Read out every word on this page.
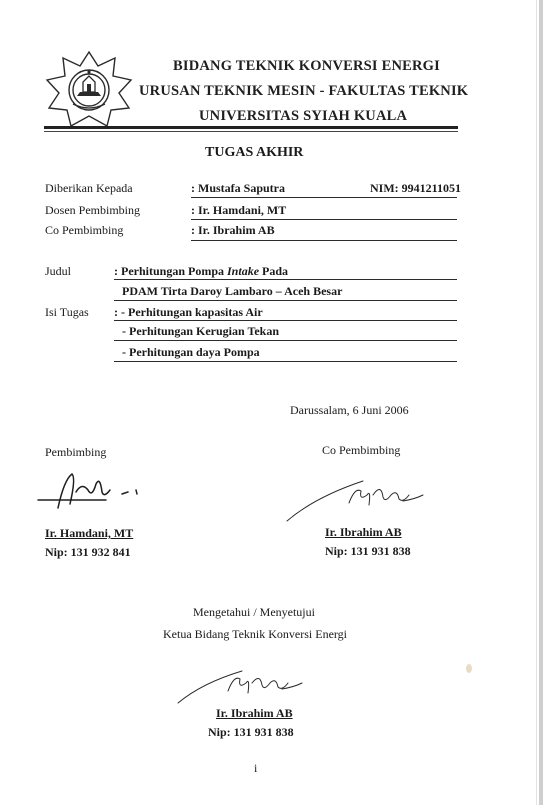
BIDANG TEKNIK KONVERSI ENERGI
URUSAN TEKNIK MESIN - FAKULTAS TEKNIK
UNIVERSITAS SYIAH KUALA
TUGAS AKHIR
Diberikan Kepada	: Mustafa Saputra	NIM: 9941211051
Dosen Pembimbing	: Ir. Hamdani, MT
Co Pembimbing	: Ir. Ibrahim AB
Judul	: Perhitungan Pompa Intake Pada
PDAM Tirta Daroy Lambaro – Aceh Besar
Isi Tugas : - Perhitungan kapasitas Air
- Perhitungan Kerugian Tekan
- Perhitungan daya Pompa
Darussalam, 6 Juni 2006
Pembimbing	Co Pembimbing
Ir. Hamdani, MT
Nip: 131 932 841
Ir. Ibrahim AB
Nip: 131 931 838
Mengetahui / Menyetujui
Ketua Bidang Teknik Konversi Energi
Ir. Ibrahim AB
Nip: 131 931 838
i
